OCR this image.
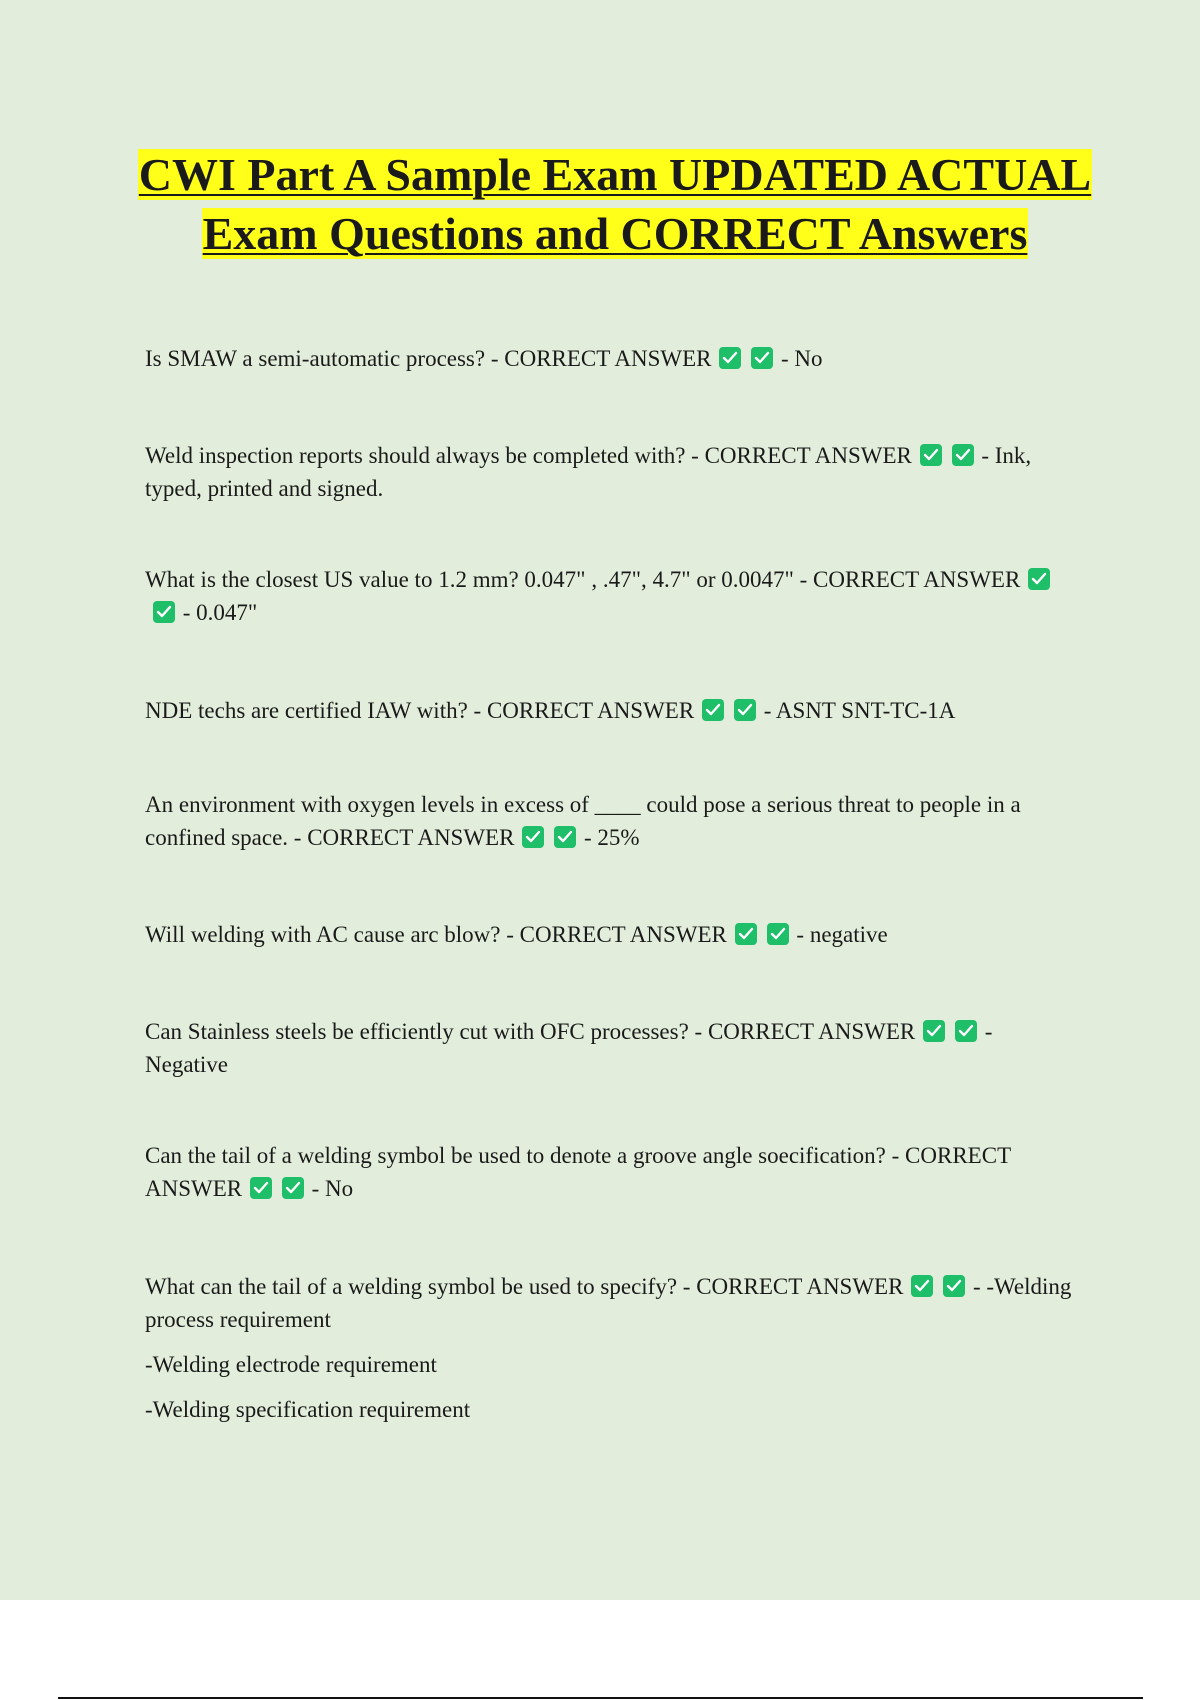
CWI Part A Sample Exam UPDATED ACTUAL Exam Questions and CORRECT Answers
Is SMAW a semi-automatic process? - CORRECT ANSWER	- No
Weld inspection reports should always be completed with? - CORRECT ANSWER	- Ink, typed, printed and signed.
What is the closest US value to 1.2 mm? 0.047" , .47", 4.7" or 0.0047" - CORRECT ANSWER
- 0.047"
NDE techs are certified IAW with? - CORRECT ANSWER	- ASNT SNT-TC-1A
An environment with oxygen levels in excess of ____ could pose a serious threat to people in a confined space. - CORRECT ANSWER	- 25%
Will welding with AC cause arc blow? - CORRECT ANSWER	- negative
Can Stainless steels be efficiently cut with OFC processes? - CORRECT ANSWER	- Negative
Can the tail of a welding symbol be used to denote a groove angle soecification? - CORRECT ANSWER	- No
What can the tail of a welding symbol be used to specify? - CORRECT ANSWER	- -Welding process requirement
-Welding electrode requirement
-Welding specification requirement
